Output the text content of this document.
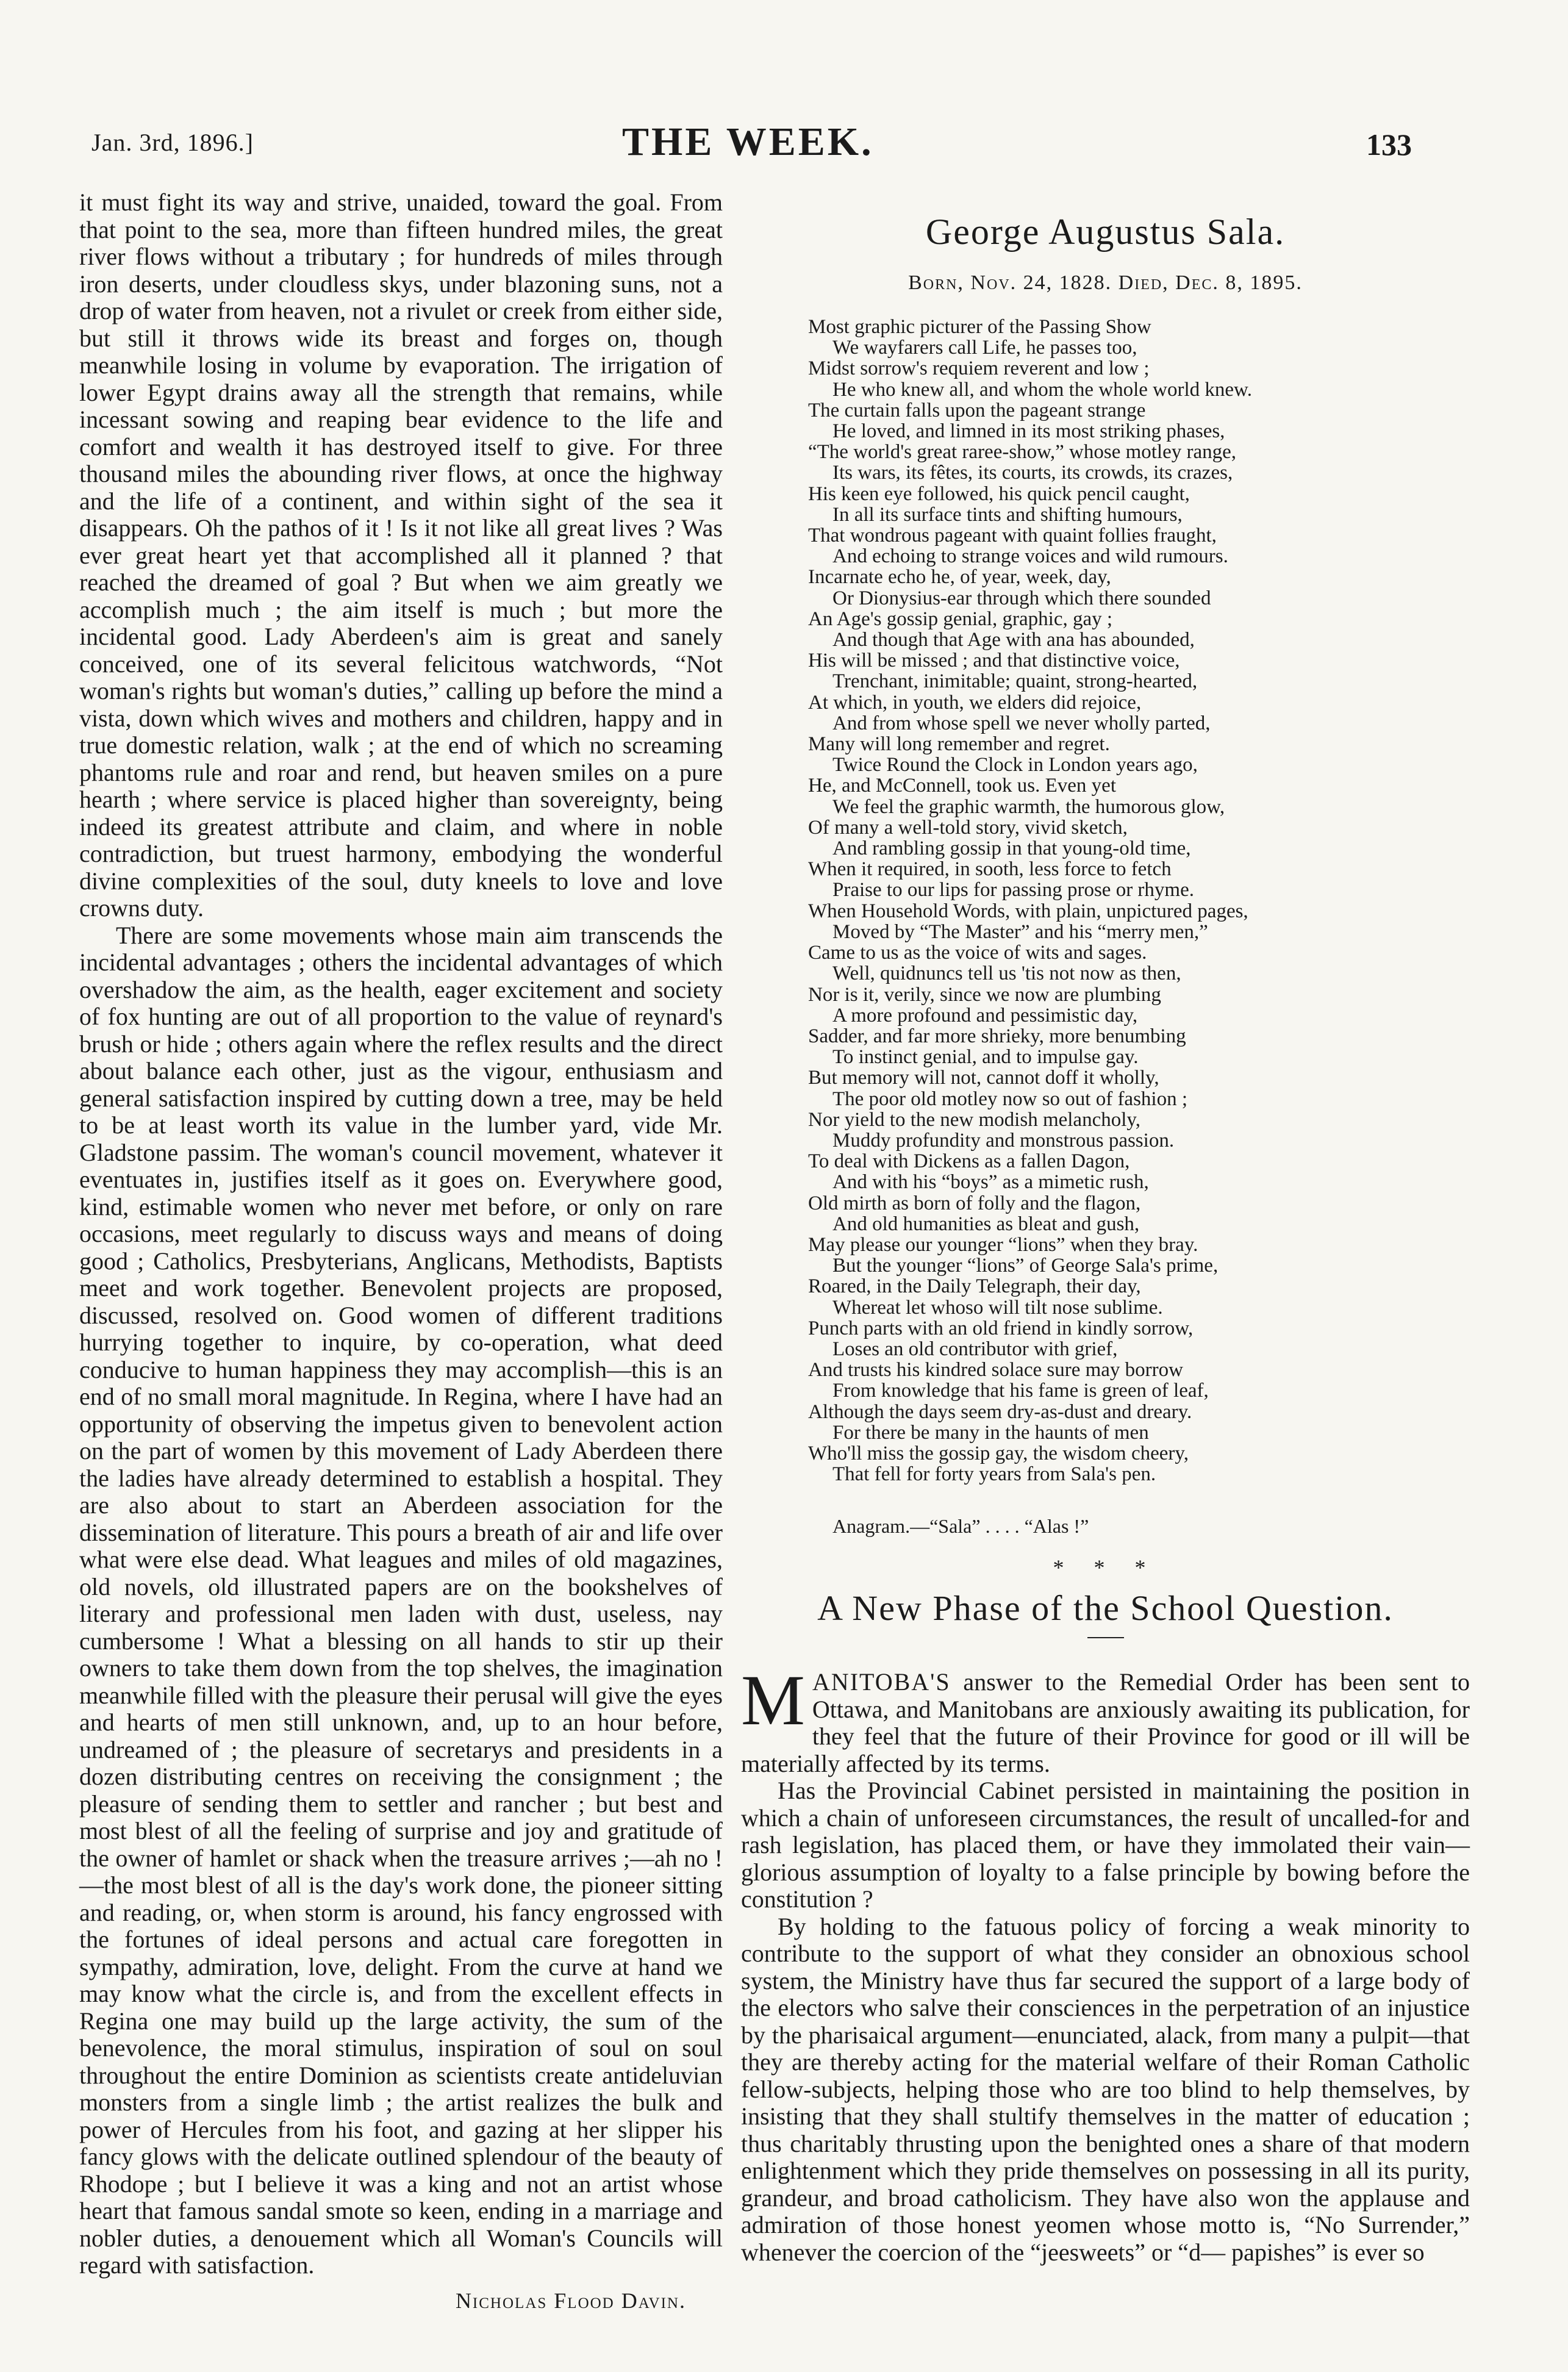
Jan. 3rd, 1896.]	THE WEEK.	133

it must fight its way and strive, unaided, toward the goal. From that point to the sea, more than fifteen hundred miles, the great river flows without a tributary ; for hundreds of miles through iron deserts, under cloudless skys, under blazoning suns, not a drop of water from heaven, not a rivulet or creek from either side, but still it throws wide its breast and forges on, though meanwhile losing in volume by evaporation. The irrigation of lower Egypt drains away all the strength that remains, while incessant sowing and reaping bear evidence to the life and comfort and wealth it has destroyed itself to give. For three thousand miles the abounding river flows, at once the highway and the life of a continent, and within sight of the sea it disappears. Oh the pathos of it ! Is it not like all great lives ? Was ever great heart yet that accomplished all it planned ? that reached the dreamed of goal ? But when we aim greatly we accomplish much ; the aim itself is much ; but more the incidental good. Lady Aberdeen's aim is great and sanely conceived, one of its several felicitous watchwords, “Not woman's rights but woman's duties,” calling up before the mind a vista, down which wives and mothers and children, happy and in true domestic relation, walk ; at the end of which no screaming phantoms rule and roar and rend, but heaven smiles on a pure hearth ; where service is placed higher than sovereignty, being indeed its greatest attribute and claim, and where in noble contradiction, but truest harmony, embodying the wonderful divine complexities of the soul, duty kneels to love and love crowns duty.

There are some movements whose main aim transcends the incidental advantages ; others the incidental advantages of which overshadow the aim, as the health, eager excitement and society of fox hunting are out of all proportion to the value of reynard's brush or hide ; others again where the reflex results and the direct about balance each other, just as the vigour, enthusiasm and general satisfaction inspired by cutting down a tree, may be held to be at least worth its value in the lumber yard, vide Mr. Gladstone passim. The woman's council movement, whatever it eventuates in, justifies itself as it goes on. Everywhere good, kind, estimable women who never met before, or only on rare occasions, meet regularly to discuss ways and means of doing good ; Catholics, Presbyterians, Anglicans, Methodists, Baptists meet and work together. Benevolent projects are proposed, discussed, resolved on. Good women of different traditions hurrying together to inquire, by co-operation, what deed conducive to human happiness they may accomplish—this is an end of no small moral magnitude. In Regina, where I have had an opportunity of observing the impetus given to benevolent action on the part of women by this movement of Lady Aberdeen there the ladies have already determined to establish a hospital. They are also about to start an Aberdeen association for the dissemination of literature. This pours a breath of air and life over what were else dead. What leagues and miles of old magazines, old novels, old illustrated papers are on the bookshelves of literary and professional men laden with dust, useless, nay cumbersome ! What a blessing on all hands to stir up their owners to take them down from the top shelves, the imagination meanwhile filled with the pleasure their perusal will give the eyes and hearts of men still unknown, and, up to an hour before, undreamed of ; the pleasure of secretarys and presidents in a dozen distributing centres on receiving the consignment ; the pleasure of sending them to settler and rancher ; but best and most blest of all the feeling of surprise and joy and gratitude of the owner of hamlet or shack when the treasure arrives ;—ah no !—the most blest of all is the day's work done, the pioneer sitting and reading, or, when storm is around, his fancy engrossed with the fortunes of ideal persons and actual care foregotten in sympathy, admiration, love, delight. From the curve at hand we may know what the circle is, and from the excellent effects in Regina one may build up the large activity, the sum of the benevolence, the moral stimulus, inspiration of soul on soul throughout the entire Dominion as scientists create antideluvian monsters from a single limb ; the artist realizes the bulk and power of Hercules from his foot, and gazing at her slipper his fancy glows with the delicate outlined splendour of the beauty of Rhodope ; but I believe it was a king and not an artist whose heart that famous sandal smote so keen, ending in a marriage and nobler duties, a denouement which all Woman's Councils will regard with satisfaction.

Nicholas Flood Davin.
George Augustus Sala.
Born, Nov. 24, 1828. Died, Dec. 8, 1895.
Most graphic picturer of the Passing Show
We wayfarers call Life, he passes too,
Midst sorrow's requiem reverent and low ;
He who knew all, and whom the whole world knew.
The curtain falls upon the pageant strange
He loved, and limned in its most striking phases,
“The world's great raree-show,” whose motley range,
Its wars, its fêtes, its courts, its crowds, its crazes,
His keen eye followed, his quick pencil caught,
In all its surface tints and shifting humours,
That wondrous pageant with quaint follies fraught,
And echoing to strange voices and wild rumours.
Incarnate echo he, of year, week, day,
Or Dionysius-ear through which there sounded
An Age's gossip genial, graphic, gay ;
And though that Age with ana has abounded,
His will be missed ; and that distinctive voice,
Trenchant, inimitable; quaint, strong-hearted,
At which, in youth, we elders did rejoice,
And from whose spell we never wholly parted,
Many will long remember and regret.
Twice Round the Clock in London years ago,
He, and McConnell, took us. Even yet
We feel the graphic warmth, the humorous glow,
Of many a well-told story, vivid sketch,
And rambling gossip in that young-old time,
When it required, in sooth, less force to fetch
Praise to our lips for passing prose or rhyme.
When Household Words, with plain, unpictured pages,
Moved by “The Master” and his “merry men,”
Came to us as the voice of wits and sages.
Well, quidnuncs tell us 'tis not now as then,
Nor is it, verily, since we now are plumbing
A more profound and pessimistic day,
Sadder, and far more shrieky, more benumbing
To instinct genial, and to impulse gay.
But memory will not, cannot doff it wholly,
The poor old motley now so out of fashion ;
Nor yield to the new modish melancholy,
Muddy profundity and monstrous passion.
To deal with Dickens as a fallen Dagon,
And with his “boys” as a mimetic rush,
Old mirth as born of folly and the flagon,
And old humanities as bleat and gush,
May please our younger “lions” when they bray.
But the younger “lions” of George Sala's prime,
Roared, in the Daily Telegraph, their day,
Whereat let whoso will tilt nose sublime.
Punch parts with an old friend in kindly sorrow,
Loses an old contributor with grief,
And trusts his kindred solace sure may borrow
From knowledge that his fame is green of leaf,
Although the days seem dry-as-dust and dreary.
For there be many in the haunts of men
Who'll miss the gossip gay, the wisdom cheery,
That fell for forty years from Sala's pen.
Anagram.—“Sala” . . . . “Alas !”
* * *
A New Phase of the School Question.

MANITOBA'S answer to the Remedial Order has been sent to Ottawa, and Manitobans are anxiously awaiting its publication, for they feel that the future of their Province for good or ill will be materially affected by its terms.

Has the Provincial Cabinet persisted in maintaining the position in which a chain of unforeseen circumstances, the result of uncalled-for and rash legislation, has placed them, or have they immolated their vain—glorious assumption of loyalty to a false principle by bowing before the constitution ?

By holding to the fatuous policy of forcing a weak minority to contribute to the support of what they consider an obnoxious school system, the Ministry have thus far secured the support of a large body of the electors who salve their consciences in the perpetration of an injustice by the pharisaical argument—enunciated, alack, from many a pulpit—that they are thereby acting for the material welfare of their Roman Catholic fellow-subjects, helping those who are too blind to help themselves, by insisting that they shall stultify themselves in the matter of education ; thus charitably thrusting upon the benighted ones a share of that modern enlightenment which they pride themselves on possessing in all its purity, grandeur, and broad catholicism. They have also won the applause and admiration of those honest yeomen whose motto is, “No Surrender,” whenever the coercion of the “jeesweets” or “d— papishes” is ever so
